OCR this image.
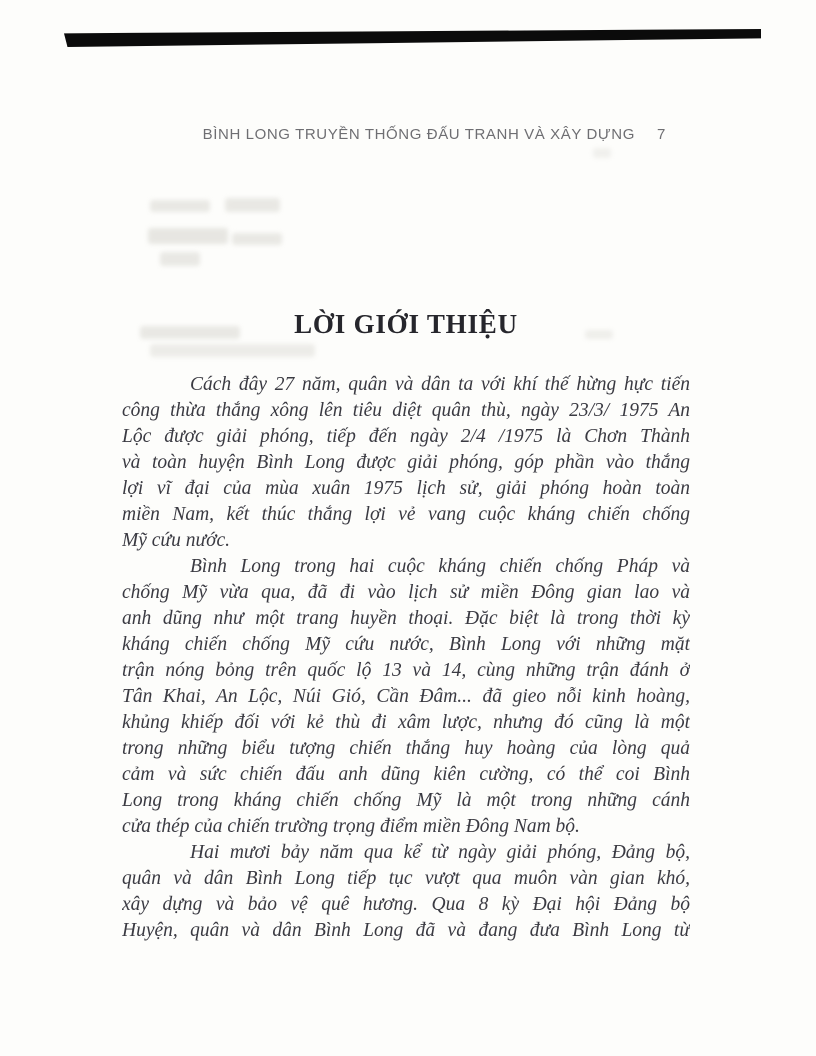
BÌNH LONG TRUYỀN THỐNG ĐẤU TRANH VÀ XÂY DỰNG 7
LỜI GIỚI THIỆU
Cách đây 27 năm, quân và dân ta với khí thế hừng hực tiến
công thừa thắng xông lên tiêu diệt quân thù, ngày 23/3/ 1975 An
Lộc được giải phóng, tiếp đến ngày 2/4 /1975 là Chơn Thành
và toàn huyện Bình Long được giải phóng, góp phần vào thắng
lợi vĩ đại của mùa xuân 1975 lịch sử, giải phóng hoàn toàn
miền Nam, kết thúc thắng lợi vẻ vang cuộc kháng chiến chống
Mỹ cứu nước.
Bình Long trong hai cuộc kháng chiến chống Pháp và
chống Mỹ vừa qua, đã đi vào lịch sử miền Đông gian lao và
anh dũng như một trang huyền thoại. Đặc biệt là trong thời kỳ
kháng chiến chống Mỹ cứu nước, Bình Long với những mặt
trận nóng bỏng trên quốc lộ 13 và 14, cùng những trận đánh ở
Tân Khai, An Lộc, Núi Gió, Cần Đâm... đã gieo nỗi kinh hoàng,
khủng khiếp đối với kẻ thù đi xâm lược, nhưng đó cũng là một
trong những biểu tượng chiến thắng huy hoàng của lòng quả
cảm và sức chiến đấu anh dũng kiên cường, có thể coi Bình
Long trong kháng chiến chống Mỹ là một trong những cánh
cửa thép của chiến trường trọng điểm miền Đông Nam bộ.
Hai mươi bảy năm qua kể từ ngày giải phóng, Đảng bộ,
quân và dân Bình Long tiếp tục vượt qua muôn vàn gian khó,
xây dựng và bảo vệ quê hương. Qua 8 kỳ Đại hội Đảng bộ
Huyện, quân và dân Bình Long đã và đang đưa Bình Long từ
